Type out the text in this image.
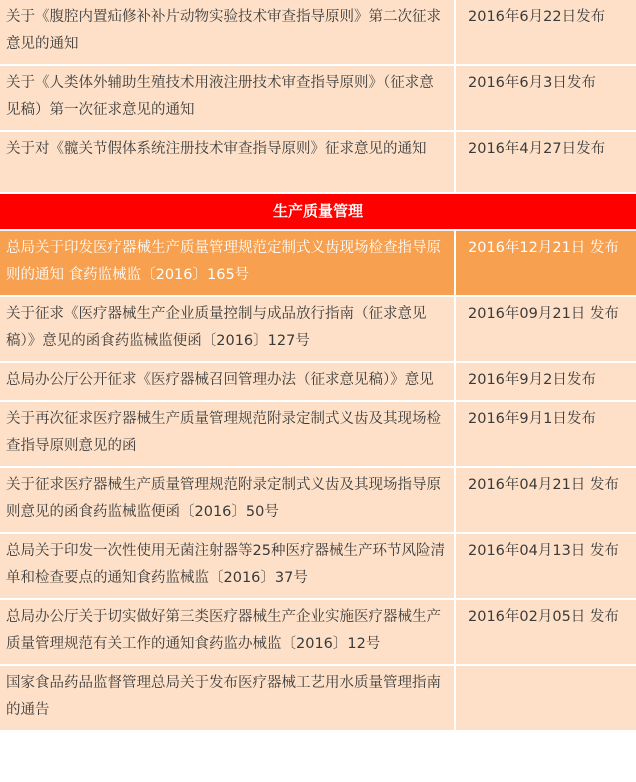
关于《腹腔内置疝修补补片动物实验技术审查指导原则》第二次征求意见的通知	2016年6月22日发布
关于《人类体外辅助生殖技术用液注册技术审查指导原则》（征求意见稿）第一次征求意见的通知	2016年6月3日发布

关于对《髋关节假体系统注册技术审查指导原则》征求意见的通知	2016年4月27日发布
生产质量管理	
总局关于印发医疗器械生产质量管理规范定制式义齿现场检查指导原则的通知 食药监械监〔2016〕165号	2016年12月21日 发布
关于征求《医疗器械生产企业质量控制与成品放行指南（征求意见稿）》意见的函食药监械监便函〔2016〕127号	2016年09月21日 发布
总局办公厅公开征求《医疗器械召回管理办法（征求意见稿）》意见	2016年9月2日发布
关于再次征求医疗器械生产质量管理规范附录定制式义齿及其现场检查指导原则意见的函	2016年9月1日发布
关于征求医疗器械生产质量管理规范附录定制式义齿及其现场指导原则意见的函食药监械监便函〔2016〕50号	2016年04月21日 发布
总局关于印发一次性使用无菌注射器等25种医疗器械生产环节风险清单和检查要点的通知食药监械监〔2016〕37号	2016年04月13日 发布
总局办公厅关于切实做好第三类医疗器械生产企业实施医疗器械生产质量管理规范有关工作的通知食药监办械监〔2016〕12号	2016年02月05日 发布
国家食品药品监督管理总局关于发布医疗器械工艺用水质量管理指南的通告	
